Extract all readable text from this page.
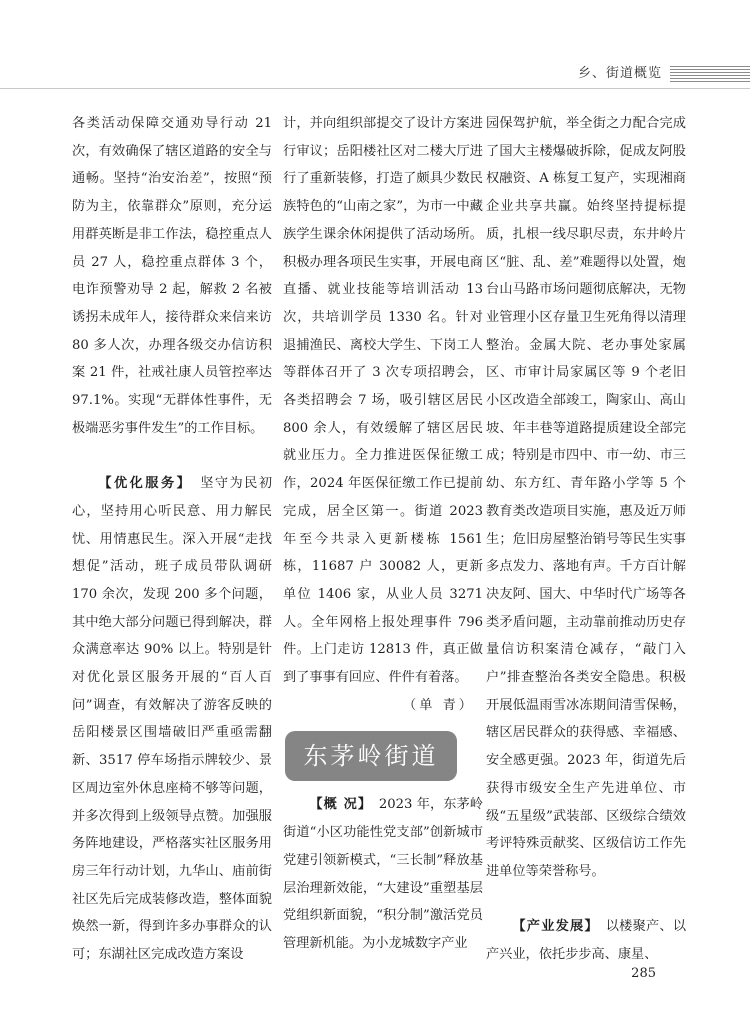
乡、街道概览

各类活动保障交通劝导行动 21 次，有效确保了辖区道路的安全与通畅。坚持“治安治差”，按照“预防为主，依靠群众”原则，充分运用群英断是非工作法，稳控重点人员 27 人，稳控重点群体 3 个，电诈预警劝导 2 起，解救 2 名被诱拐未成年人，接待群众来信来访 80 多人次，办理各级交办信访积案 21 件，社戒社康人员管控率达 97.1%。实现“无群体性事件，无极端恶劣事件发生”的工作目标。

【优化服务】　 坚守为民初心，坚持用心听民意、用力解民忧、用情惠民生。深入开展“走找想促”活动，班子成员带队调研 170 余次，发现 200 多个问题，其中绝大部分问题已得到解决，群众满意率达 90% 以上。特别是针对优化景区服务开展的“百人百问”调查，有效解决了游客反映的岳阳楼景区围墙破旧严重亟需翻新、3517 停车场指示牌较少、景区周边室外休息座椅不够等问题，并多次得到上级领导点赞。加强服务阵地建设，严格落实社区服务用房三年行动计划，九华山、庙前街社区先后完成装修改造，整体面貌焕然一新，得到许多办事群众的认可；东湖社区完成改造方案设

计，并向组织部提交了设计方案进行审议；岳阳楼社区对二楼大厅进行了重新装修，打造了颇具少数民族特色的“山南之家”，为市一中藏族学生课余休闲提供了活动场所。积极办理各项民生实事，开展电商直播、就业技能等培训活动 13 次，共培训学员 1330 名。针对退捕渔民、离校大学生、下岗工人等群体召开了 3 次专项招聘会，各类招聘会 7 场，吸引辖区居民 800 余人，有效缓解了辖区居民就业压力。全力推进医保征缴工作，2024 年医保征缴工作已提前完成，居全区第一。街道 2023 年至今共录入更新楼栋 1561 栋，11687 户 30082 人，更新单位 1406 家，从业人员 3271 人。全年网格上报处理事件 796 件。上门走访 12813 件，真正做到了事事有回应、件件有着落。

（单 青）
东茅岭街道

【概 况】　 2023 年，东茅岭街道“小区功能性党支部”创新城市党建引领新模式，“三长制”释放基层治理新效能，“大建设”重塑基层党组织新面貌，“积分制”激活党员管理新机能。为小龙城数字产业

园保驾护航，举全街之力配合完成了国大主楼爆破拆除，促成友阿股权融资、A 栋复工复产，实现湘商企业共享共赢。始终坚持提标提质，扎根一线尽职尽责，东井岭片区“脏、乱、差”难题得以处置，炮台山马路市场问题彻底解决，无物业管理小区存量卫生死角得以清理整治。金属大院、老办事处家属区、市审计局家属区等 9 个老旧小区改造全部竣工，陶家山、高山坡、年丰巷等道路提质建设全部完成；特别是市四中、市一幼、市三幼、东方红、青年路小学等 5 个教育类改造项目实施，惠及近万师生；危旧房屋整治销号等民生实事多点发力、落地有声。千方百计解决友阿、国大、中华时代广场等各类矛盾问题，主动靠前推动历史存量信访积案清仓减存，“敲门入户”排查整治各类安全隐患。积极开展低温雨雪冰冻期间清雪保畅，辖区居民群众的获得感、幸福感、安全感更强。2023 年，街道先后获得市级安全生产先进单位、市级“五星级”武装部、区级综合绩效考评特殊贡献奖、区级信访工作先进单位等荣誉称号。

【产业发展】　 以楼聚产、以产兴业，依托步步高、康星、

285
